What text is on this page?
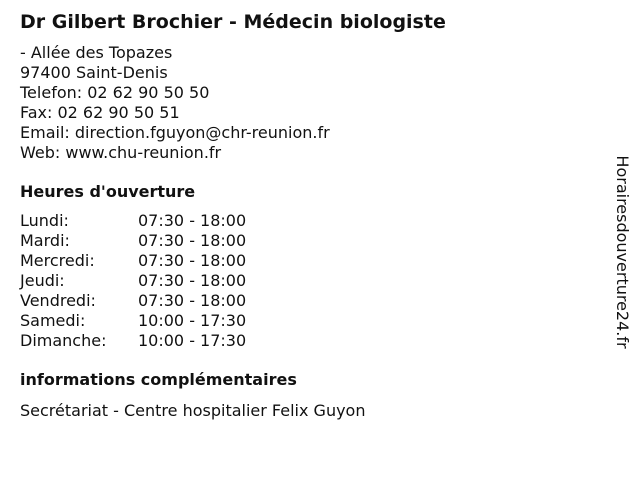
Dr Gilbert Brochier - Médecin biologiste
- Allée des Topazes
97400 Saint-Denis
Telefon: 02 62 90 50 50
Fax: 02 62 90 50 51
Email: direction.fguyon@chr-reunion.fr
Web: www.chu-reunion.fr
Heures d'ouverture
Lundi:	07:30 - 18:00
Mardi:	07:30 - 18:00
Mercredi:	07:30 - 18:00
Jeudi:	07:30 - 18:00
Vendredi:	07:30 - 18:00
Samedi:	10:00 - 17:30
Dimanche:	10:00 - 17:30
informations complémentaires
Secrétariat - Centre hospitalier Felix Guyon
Horairesdouverture24.fr
